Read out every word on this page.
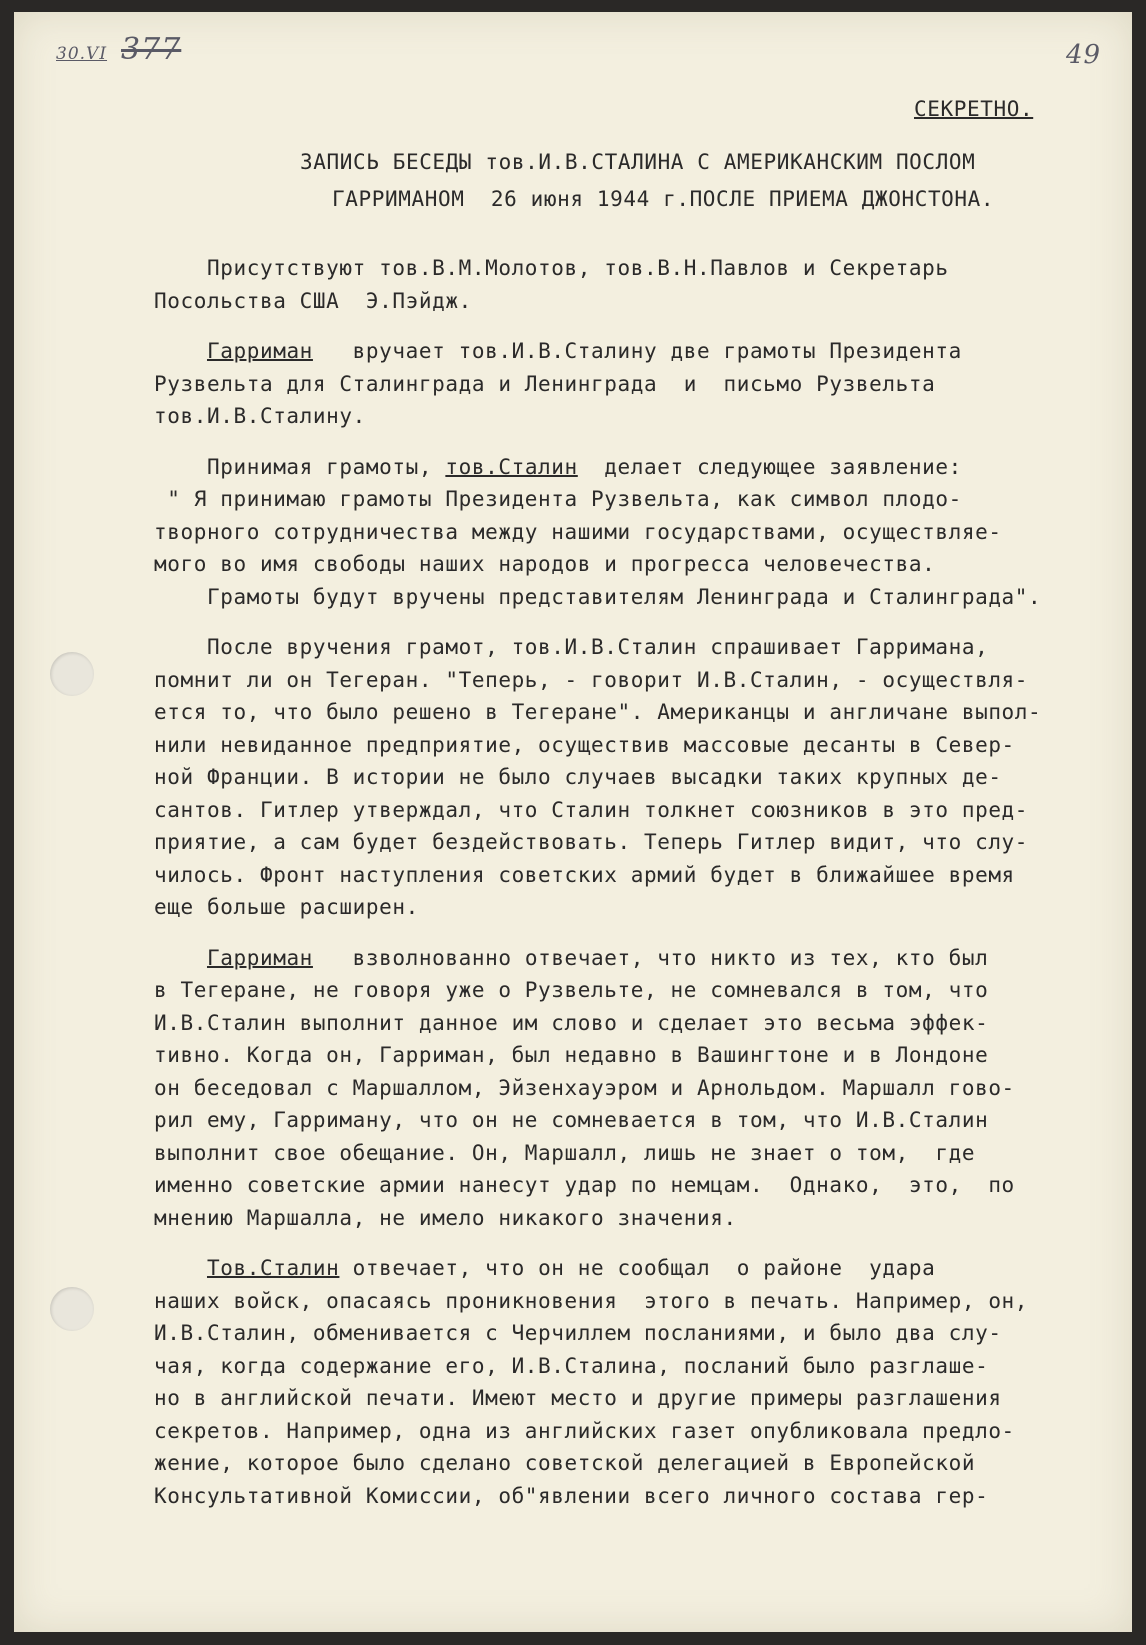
30.VI 377	49
СЕКРЕТНО.
ЗАПИСЬ БЕСЕДЫ тов.И.В.СТАЛИНА С АМЕРИКАНСКИМ ПОСЛОМ
ГАРРИМАНОМ  26 июня 1944 г.ПОСЛЕ ПРИЕМА ДЖОНСТОНА.
Присутствуют тов.В.М.Молотов, тов.В.Н.Павлов и Секретарь
Посольства США  Э.Пэйдж.
Гарриман   вручает тов.И.В.Сталину две грамоты Президента
Рузвельта для Сталинграда и Ленинграда  и  письмо Рузвельта
тов.И.В.Сталину.
Принимая грамоты, тов.Сталин  делает следующее заявление:
" Я принимаю грамоты Президента Рузвельта, как символ плодо-
творного сотрудничества между нашими государствами, осуществляе-
мого во имя свободы наших народов и прогресса человечества.
Грамоты будут вручены представителям Ленинграда и Сталинграда".
После вручения грамот, тов.И.В.Сталин спрашивает Гарримана,
помнит ли он Тегеран. "Теперь, - говорит И.В.Сталин, - осуществля-
ется то, что было решено в Тегеране". Американцы и англичане выпол-
нили невиданное предприятие, осуществив массовые десанты в Север-
ной Франции. В истории не было случаев высадки таких крупных де-
сантов. Гитлер утверждал, что Сталин толкнет союзников в это пред-
приятие, а сам будет бездействовать. Теперь Гитлер видит, что слу-
чилось. Фронт наступления советских армий будет в ближайшее время
еще больше расширен.
Гарриман   взволнованно отвечает, что никто из тех, кто был
в Тегеране, не говоря уже о Рузвельте, не сомневался в том, что
И.В.Сталин выполнит данное им слово и сделает это весьма эффек-
тивно. Когда он, Гарриман, был недавно в Вашингтоне и в Лондоне
он беседовал с Маршаллом, Эйзенхауэром и Арнольдом. Маршалл гово-
рил ему, Гарриману, что он не сомневается в том, что И.В.Сталин
выполнит свое обещание. Он, Маршалл, лишь не знает о том,  где
именно советские армии нанесут удар по немцам.  Однако,  это,  по
мнению Маршалла, не имело никакого значения.
Тов.Сталин отвечает, что он не сообщал  о районе  удара
наших войск, опасаясь проникновения  этого в печать. Например, он,
И.В.Сталин, обменивается с Черчиллем посланиями, и было два слу-
чая, когда содержание его, И.В.Сталина, посланий было разглаше-
но в английской печати. Имеют место и другие примеры разглашения
секретов. Например, одна из английских газет опубликовала предло-
жение, которое было сделано советской делегацией в Европейской
Консультативной Комиссии, об"явлении всего личного состава гер-
